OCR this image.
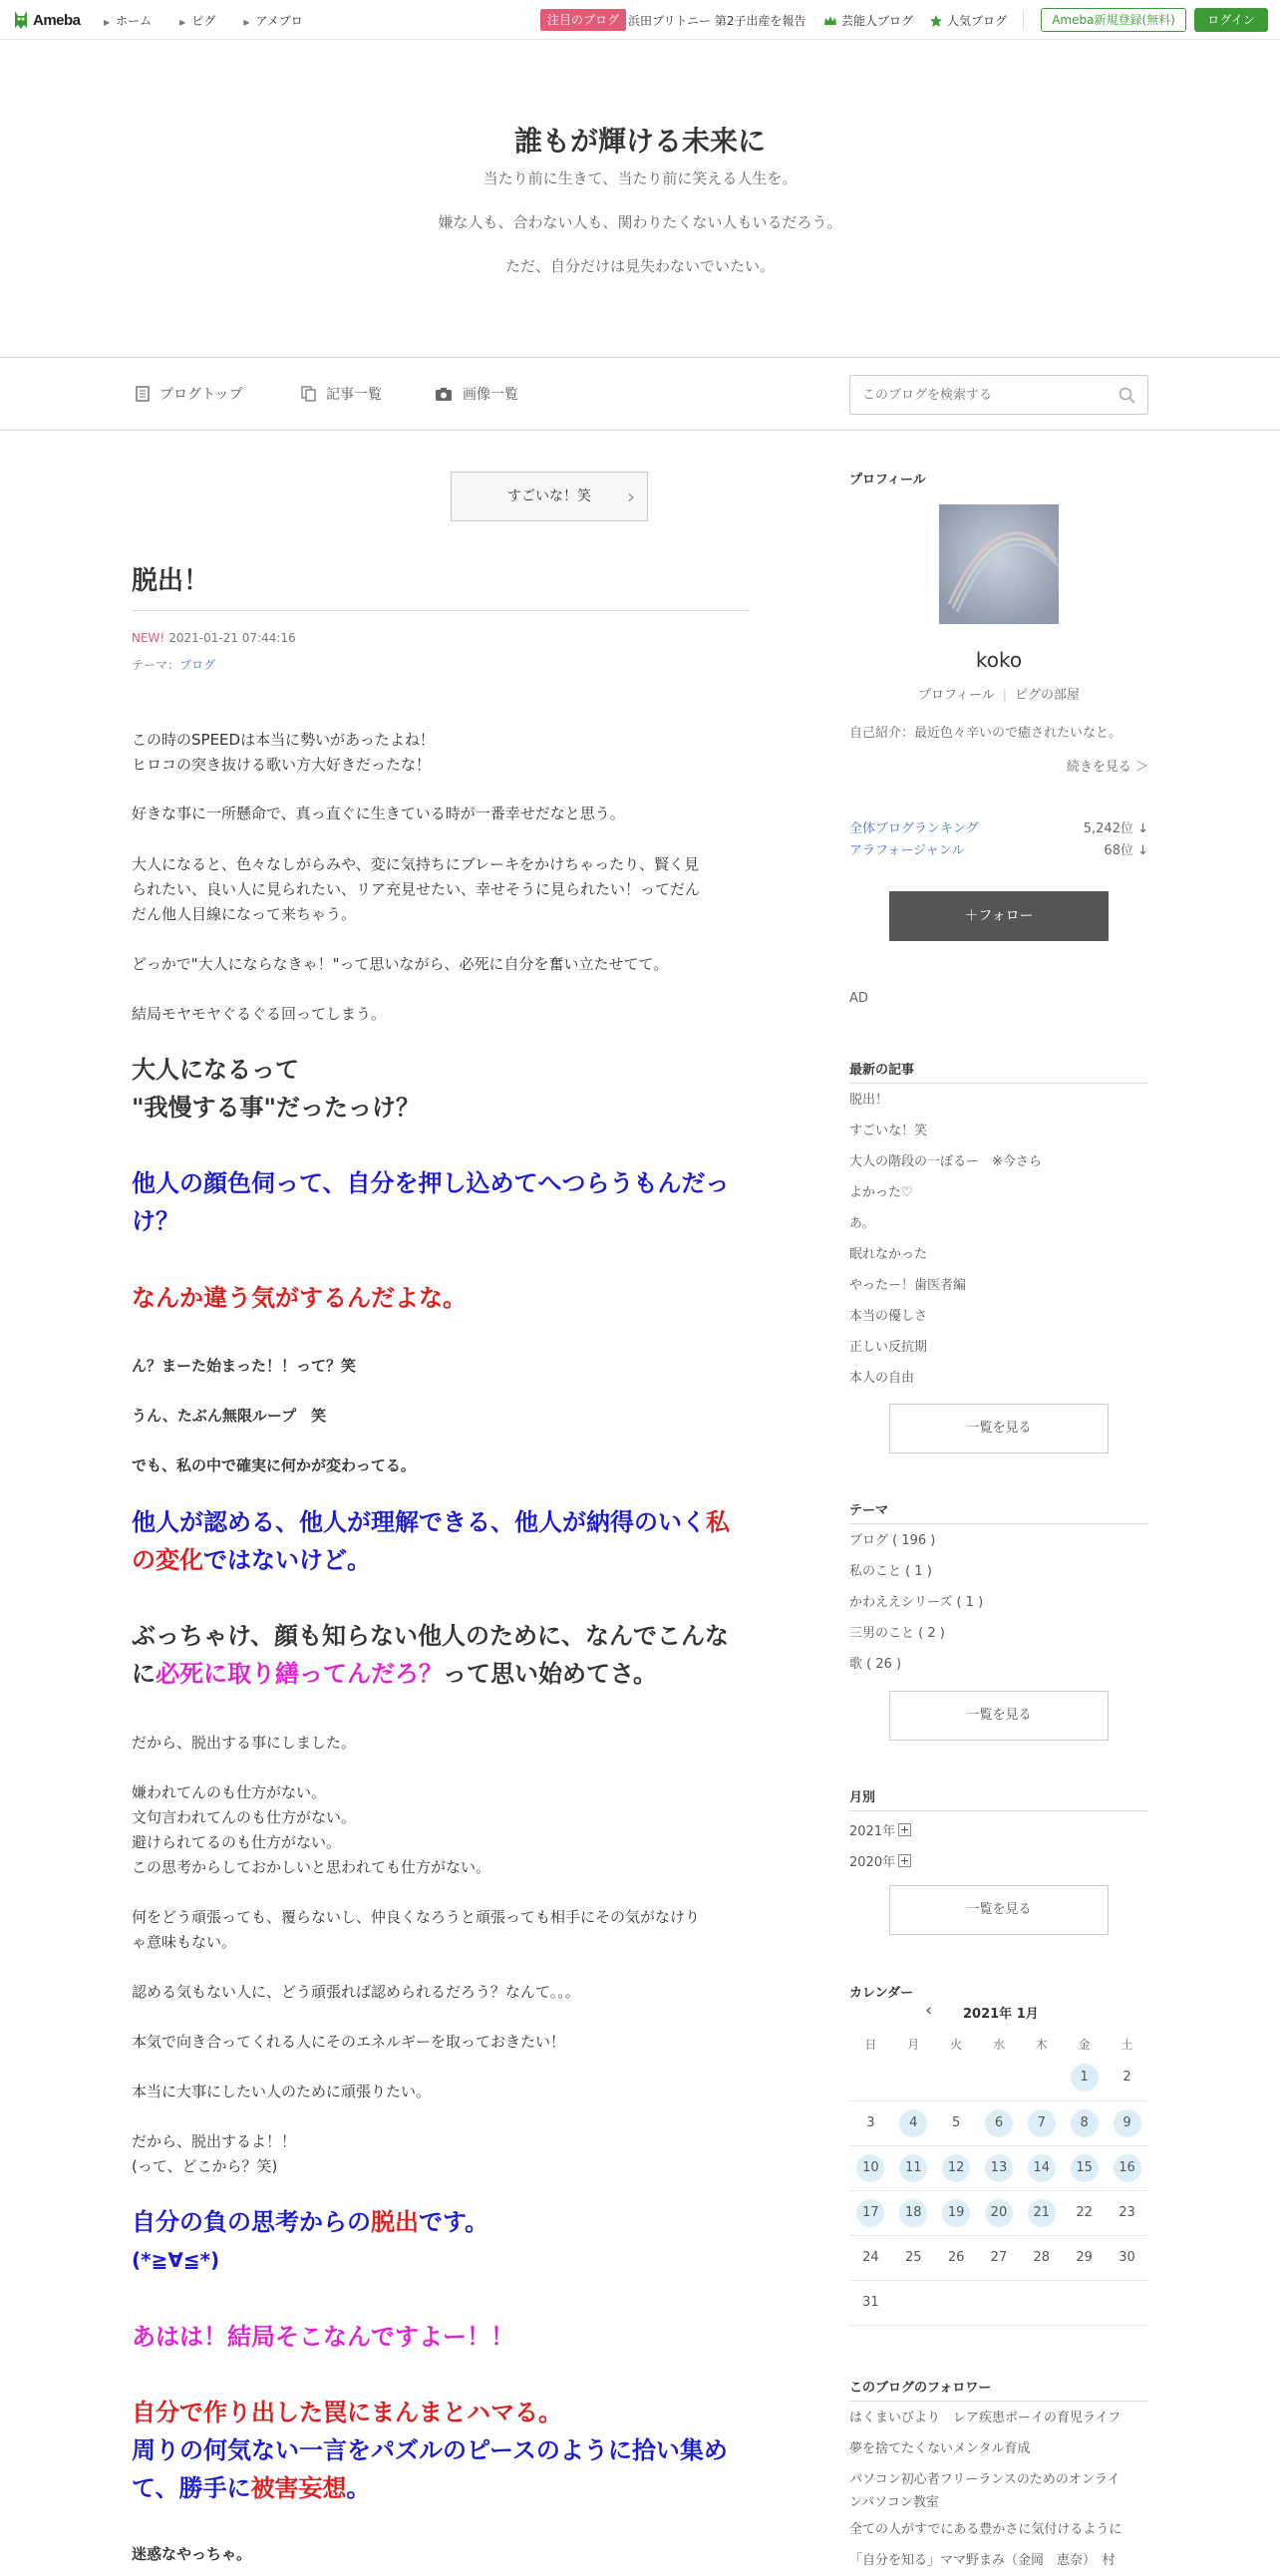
Ameba	▶ ホーム	▶ ピグ	▶ アメブロ	注目のブログ 浜田ブリトニー 第2子出産を報告	芸能人ブログ	人気ブログ	Ameba新規登録(無料)	ログイン
誰もが輝ける未来に
当たり前に生きて、当たり前に笑える人生を。
嫌な人も、合わない人も、関わりたくない人もいるだろう。
ただ、自分だけは見失わないでいたい。
ブログトップ	記事一覧	画像一覧
このブログを検索する
すごいな！笑 ›
脱出！
NEW! 2021-01-21 07:44:16
テーマ：ブログ
この時のSPEEDは本当に勢いがあったよね！
ヒロコの突き抜ける歌い方大好きだったな！
好きな事に一所懸命で、真っ直ぐに生きている時が一番幸せだなと思う。
大人になると、色々なしがらみや、変に気持ちにブレーキをかけちゃったり、賢く見
られたい、良い人に見られたい、リア充見せたい、幸せそうに見られたい！ってだん
だん他人目線になって来ちゃう。
どっかで"大人にならなきゃ！"って思いながら、必死に自分を奮い立たせてて。
結局モヤモヤぐるぐる回ってしまう。
大人になるって
"我慢する事"だったっけ？
他人の顔色伺って、自分を押し込めてへつらうもんだっ
け？
なんか違う気がするんだよな。
ん？まーた始まった！！って？笑
うん、たぶん無限ループ　笑
でも、私の中で確実に何かが変わってる。
他人が認める、他人が理解できる、他人が納得のいく私
の変化ではないけど。
ぶっちゃけ、顔も知らない他人のために、なんでこんな
に必死に取り繕ってんだろ？って思い始めてさ。
だから、脱出する事にしました。
嫌われてんのも仕方がない。
文句言われてんのも仕方がない。
避けられてるのも仕方がない。
この思考からしておかしいと思われても仕方がない。
何をどう頑張っても、覆らないし、仲良くなろうと頑張っても相手にその気がなけり
ゃ意味もない。
認める気もない人に、どう頑張れば認められるだろう？なんて。。。
本気で向き合ってくれる人にそのエネルギーを取っておきたい！
本当に大事にしたい人のために頑張りたい。
だから、脱出するよ！！
(って、どこから？笑)
自分の負の思考からの脱出です。
(*≧∀≦*)
あはは！結局そこなんですよー！！
自分で作り出した罠にまんまとハマる。
周りの何気ない一言をパズルのピースのように拾い集め
て、勝手に被害妄想。
迷惑なやっちゃ。
プロフィール
koko
プロフィール | ピグの部屋
自己紹介：最近色々辛いので癒されたいなと。
続きを見る ＞
全体ブログランキング	5,242位 ↓
アラフォージャンル	68位 ↓
＋フォロー
AD
最新の記事
脱出！
すごいな！笑
大人の階段の一ぼるー　※今さら
よかった♡
あ。
眠れなかった
やったー！歯医者編
本当の優しさ
正しい反抗期
本人の自由
一覧を見る
テーマ
ブログ ( 196 )
私のこと ( 1 )
かわええシリーズ ( 1 )
三男のこと ( 2 )
歌 ( 26 )
一覧を見る
月別
2021年
2020年
一覧を見る
カレンダー
‹ 2021年 1月
日	月	火	水	木	金	土
					1	2
3	4	5	6	7	8	9
10	11	12	13	14	15	16
17	18	19	20	21	22	23
24	25	26	27	28	29	30
31						
このブログのフォロワー
はくまいびより　レア疾患ボーイの育児ライフ
夢を捨てたくないメンタル育成
パソコン初心者フリーランスのためのオンライ
ンパソコン教室
全ての人がすでにある豊かさに気付けるように
「自分を知る」ママ野まみ（金岡　恵奈）　村
